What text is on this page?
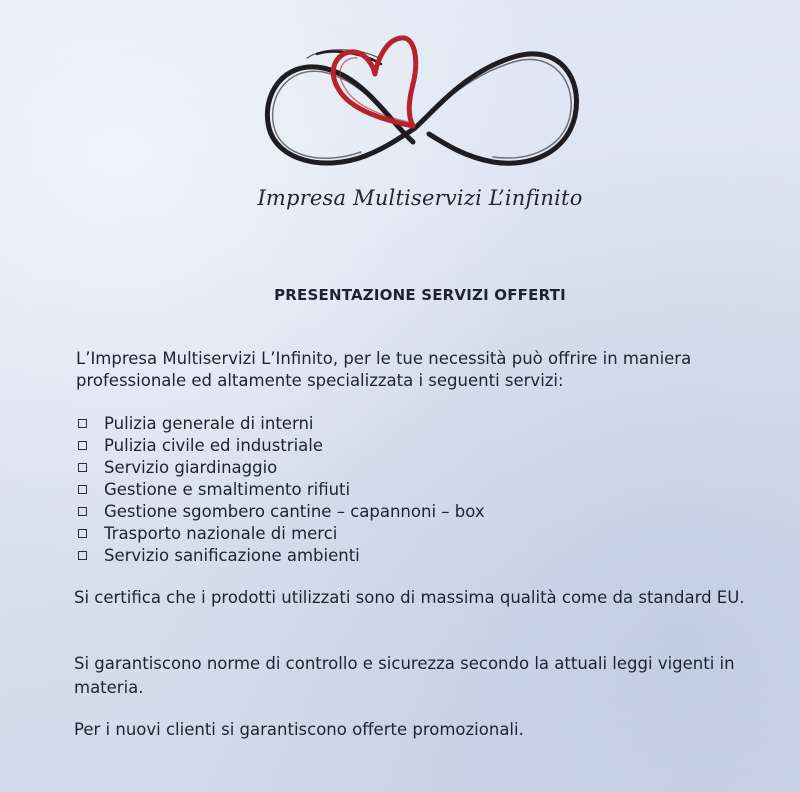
Impresa Multiservizi L’infinito
PRESENTAZIONE SERVIZI OFFERTI
L’Impresa Multiservizi L’Infinito, per le tue necessità può offrire in maniera professionale ed altamente specializzata i seguenti servizi:
Pulizia generale di interni
Pulizia civile ed industriale
Servizio giardinaggio
Gestione e smaltimento rifiuti
Gestione sgombero cantine – capannoni – box
Trasporto nazionale di merci
Servizio sanificazione ambienti
Si certifica che i prodotti utilizzati sono di massima qualità come da standard EU.
Si garantiscono norme di controllo e sicurezza secondo la attuali leggi vigenti in materia.
Per i nuovi clienti si garantiscono offerte promozionali.
